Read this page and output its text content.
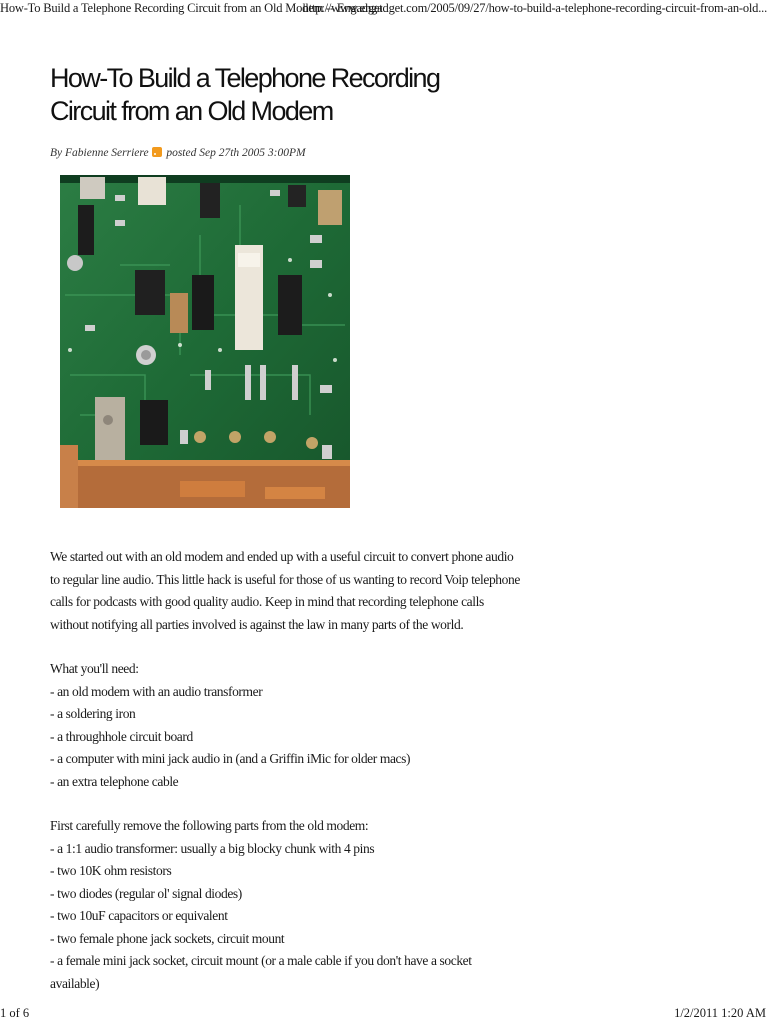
How-To Build a Telephone Recording Circuit from an Old Modem -- Engadget
http://www.engadget.com/2005/09/27/how-to-build-a-telephone-recording-circuit-from-an-old...
How-To Build a Telephone Recording Circuit from an Old Modem
By Fabienne Serriere posted Sep 27th 2005 3:00PM

We started out with an old modem and ended up with a useful circuit to convert phone audio to regular line audio. This little hack is useful for those of us wanting to record Voip telephone calls for podcasts with good quality audio. Keep in mind that recording telephone calls without notifying all parties involved is against the law in many parts of the world.

What you'll need:

- an old modem with an audio transformer
- a soldering iron
- a throughhole circuit board
- a computer with mini jack audio in (and a Griffin iMic for older macs)
- an extra telephone cable

First carefully remove the following parts from the old modem:

- a 1:1 audio transformer: usually a big blocky chunk with 4 pins
- two 10K ohm resistors
- two diodes (regular ol' signal diodes)
- two 10uF capacitors or equivalent
- two female phone jack sockets, circuit mount
- a female mini jack socket, circuit mount (or a male cable if you don't have a socket available)
1 of 6	1/2/2011 1:20 AM
